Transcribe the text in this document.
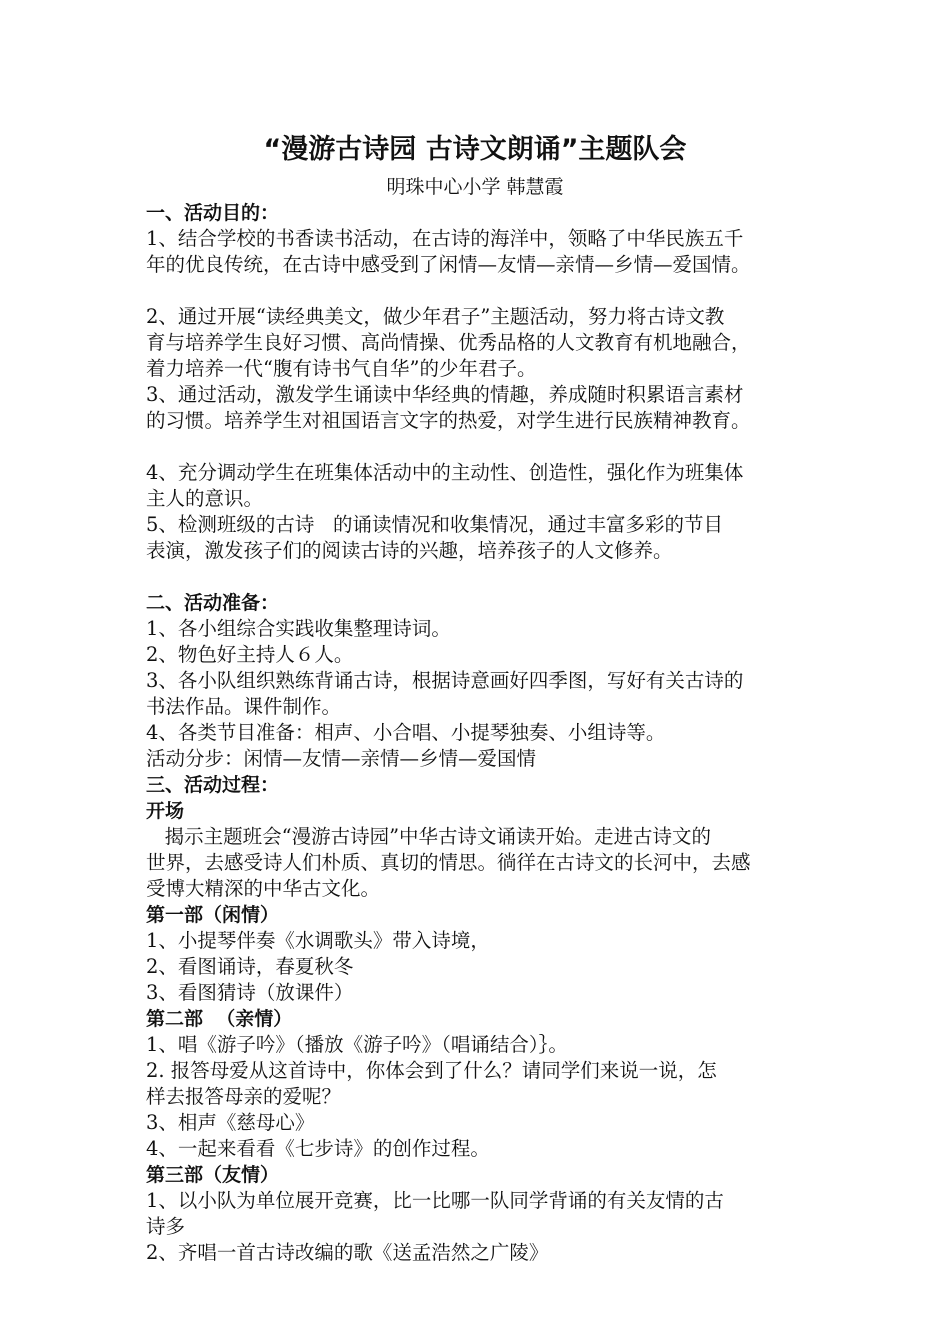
“漫游古诗园 古诗文朗诵”主题队会
明珠中心小学 韩慧霞

一、活动目的：

1、结合学校的书香读书活动，在古诗的海洋中，领略了中华民族五千

年的优良传统，在古诗中感受到了闲情—友情—亲情—乡情—爱国情。

2、通过开展“读经典美文，做少年君子”主题活动，努力将古诗文教

育与培养学生良好习惯、高尚情操、优秀品格的人文教育有机地融合，

着力培养一代“腹有诗书气自华”的少年君子。

3、通过活动，激发学生诵读中华经典的情趣，养成随时积累语言素材

的习惯。培养学生对祖国语言文字的热爱，对学生进行民族精神教育。

4、充分调动学生在班集体活动中的主动性、创造性，强化作为班集体

主人的意识。

5、检测班级的古诗   的诵读情况和收集情况，通过丰富多彩的节目

表演，激发孩子们的阅读古诗的兴趣，培养孩子的人文修养。

二、活动准备：

1、各小组综合实践收集整理诗词。

2、物色好主持人６人。

3、各小队组织熟练背诵古诗，根据诗意画好四季图，写好有关古诗的

书法作品。课件制作。

4、各类节目准备：相声、小合唱、小提琴独奏、小组诗等。

活动分步：闲情—友情—亲情—乡情—爱国情

三、活动过程：

开场

揭示主题班会“漫游古诗园”中华古诗文诵读开始。走进古诗文的

世界，去感受诗人们朴质、真切的情思。徜徉在古诗文的长河中，去感

受博大精深的中华古文化。

第一部（闲情）

1、小提琴伴奏《水调歌头》带入诗境，

2、看图诵诗，春夏秋冬

3、看图猜诗（放课件）

第二部  （亲情）

1、唱《游子吟》（播放《游子吟》（唱诵结合）｝。

2. 报答母爱从这首诗中，你体会到了什么？请同学们来说一说，怎

样去报答母亲的爱呢？

3、相声《慈母心》

4、一起来看看《七步诗》的创作过程。

第三部（友情）

1、以小队为单位展开竞赛，比一比哪一队同学背诵的有关友情的古

诗多

2、齐唱一首古诗改编的歌《送孟浩然之广陵》
